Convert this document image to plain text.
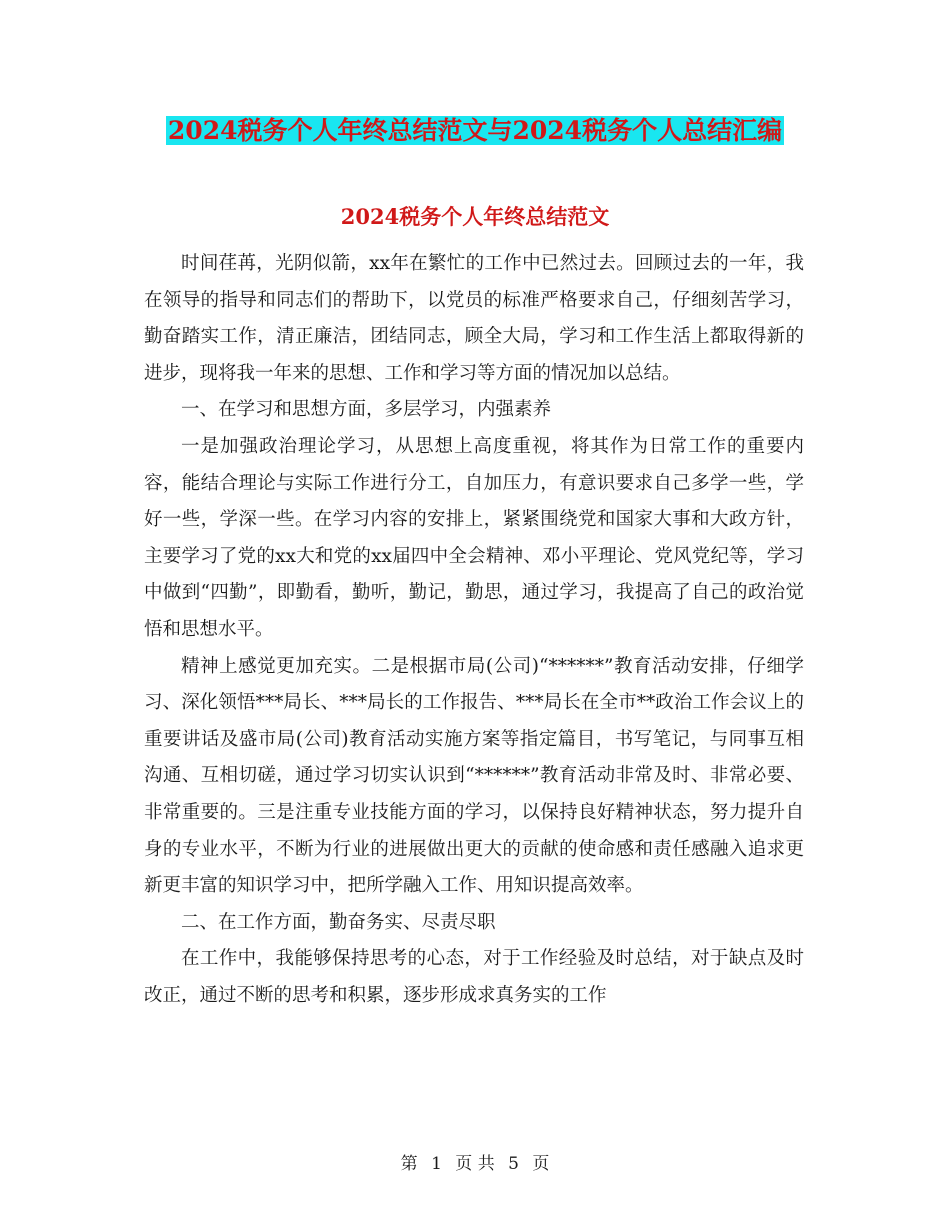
2024税务个人年终总结范文与2024税务个人总结汇编
2024税务个人年终总结范文

时间荏苒，光阴似箭，xx年在繁忙的工作中已然过去。回顾过去的一年，我在领导的指导和同志们的帮助下，以党员的标准严格要求自己，仔细刻苦学习，勤奋踏实工作，清正廉洁，团结同志，顾全大局，学习和工作生活上都取得新的进步，现将我一年来的思想、工作和学习等方面的情况加以总结。

一、在学习和思想方面，多层学习，内强素养

一是加强政治理论学习，从思想上高度重视，将其作为日常工作的重要内容，能结合理论与实际工作进行分工，自加压力，有意识要求自己多学一些，学好一些，学深一些。在学习内容的安排上，紧紧围绕党和国家大事和大政方针，主要学习了党的xx大和党的xx届四中全会精神、邓小平理论、党风党纪等，学习中做到“四勤”，即勤看，勤听，勤记，勤思，通过学习，我提高了自己的政治觉悟和思想水平。

精神上感觉更加充实。二是根据市局(公司)“******”教育活动安排，仔细学习、深化领悟***局长、***局长的工作报告、***局长在全市**政治工作会议上的重要讲话及盛市局(公司)教育活动实施方案等指定篇目，书写笔记，与同事互相沟通、互相切磋，通过学习切实认识到“******”教育活动非常及时、非常必要、非常重要的。三是注重专业技能方面的学习，以保持良好精神状态，努力提升自身的专业水平，不断为行业的进展做出更大的贡献的使命感和责任感融入追求更新更丰富的知识学习中，把所学融入工作、用知识提高效率。

二、在工作方面，勤奋务实、尽责尽职

在工作中，我能够保持思考的心态，对于工作经验及时总结，对于缺点及时改正，通过不断的思考和积累，逐步形成求真务实的工作

第 1 页 共 5 页
